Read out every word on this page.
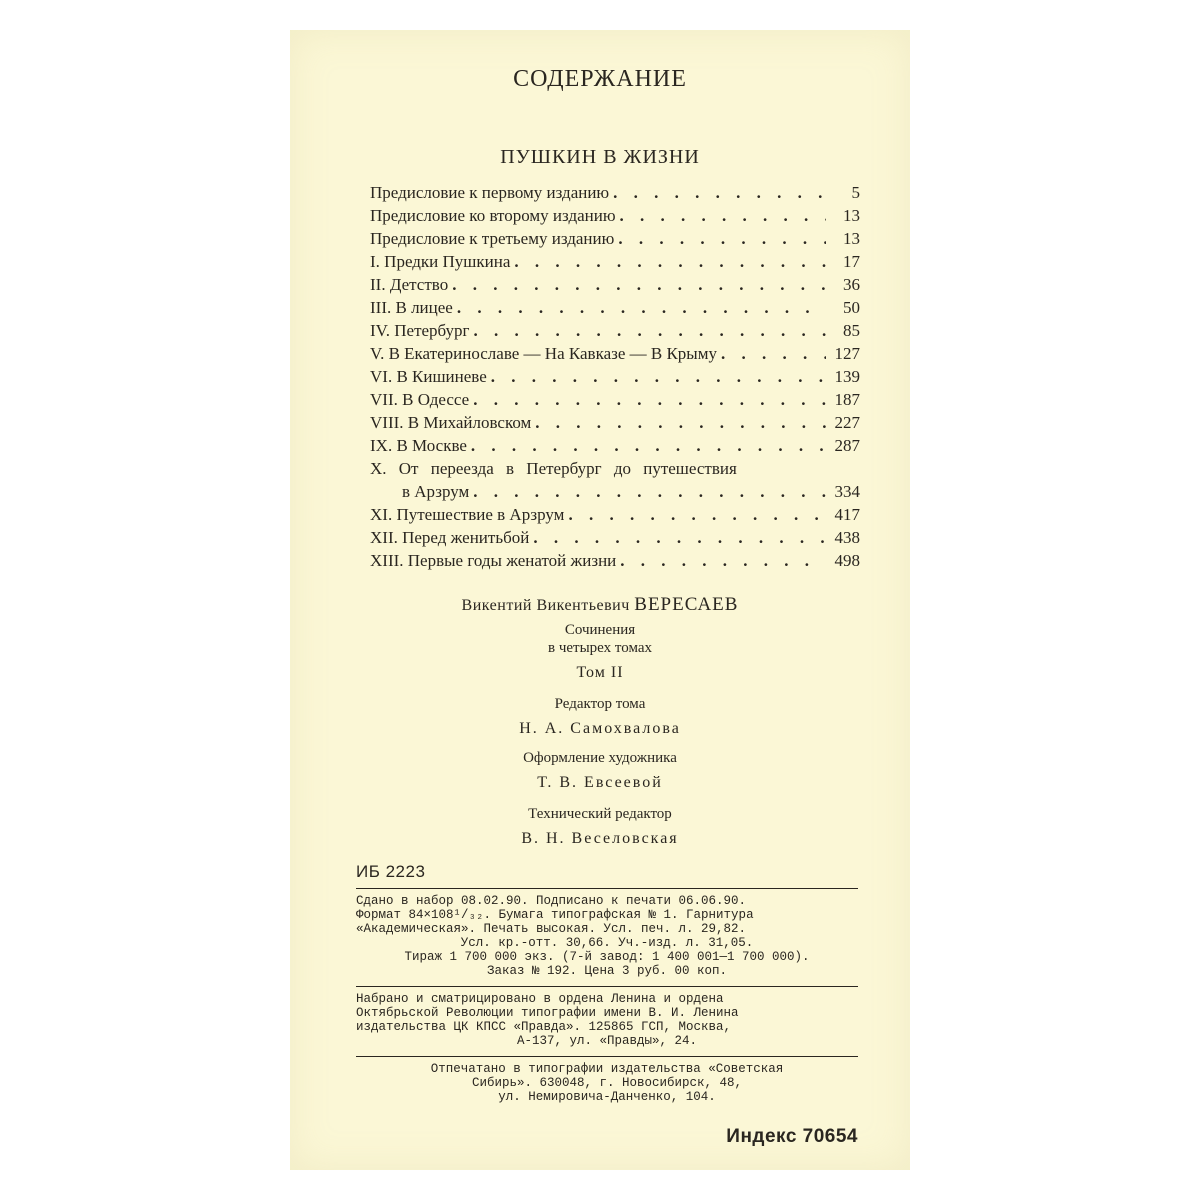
СОДЕРЖАНИЕ
ПУШКИН В ЖИЗНИ
Предисловие к первому изданию . . .	5
Предисловие ко второму изданию . . .	13
Предисловие к третьему изданию . . .	13
I. Предки Пушкина . . .	17
II. Детство . . .	36
III. В лицее . . .	50
IV. Петербург . . .	85
V. В Екатеринославе — На Кавказе — В Крыму . . .	127
VI. В Кишиневе . . .	139
VII. В Одессе . . .	187
VIII. В Михайловском . . .	227
IX. В Москве . . .	287
X. От переезда в Петербург до путешествия
в Арзрум . . .	334
XI. Путешествие в Арзрум . . .	417
XII. Перед женитьбой . . .	438
XIII. Первые годы женатой жизни . . .	498
Викентий Викентьевич ВЕРЕСАЕВ
Сочинения
в четырех томах
Том II
Редактор тома
Н. А. Самохвалова
Оформление художника
Т. В. Евсеевой
Технический редактор
В. Н. Веселовская
ИБ 2223
Сдано в набор 08.02.90. Подписано к печати 06.06.90.
Формат 84×108¹/₃₂. Бумага типографская № 1. Гарнитура
«Академическая». Печать высокая. Усл. печ. л. 29,82.
Усл. кр.-отт. 30,66. Уч.-изд. л. 31,05.
Тираж 1 700 000 экз. (7-й завод: 1 400 001—1 700 000).
Заказ № 192. Цена 3 руб. 00 коп.
Набрано и сматрицировано в ордена Ленина и ордена
Октябрьской Революции типографии имени В. И. Ленина
издательства ЦК КПСС «Правда». 125865 ГСП, Москва,
А-137, ул. «Правды», 24.
Отпечатано в типографии издательства «Советская
Сибирь». 630048, г. Новосибирск, 48,
ул. Немировича-Данченко, 104.
Индекс 70654
